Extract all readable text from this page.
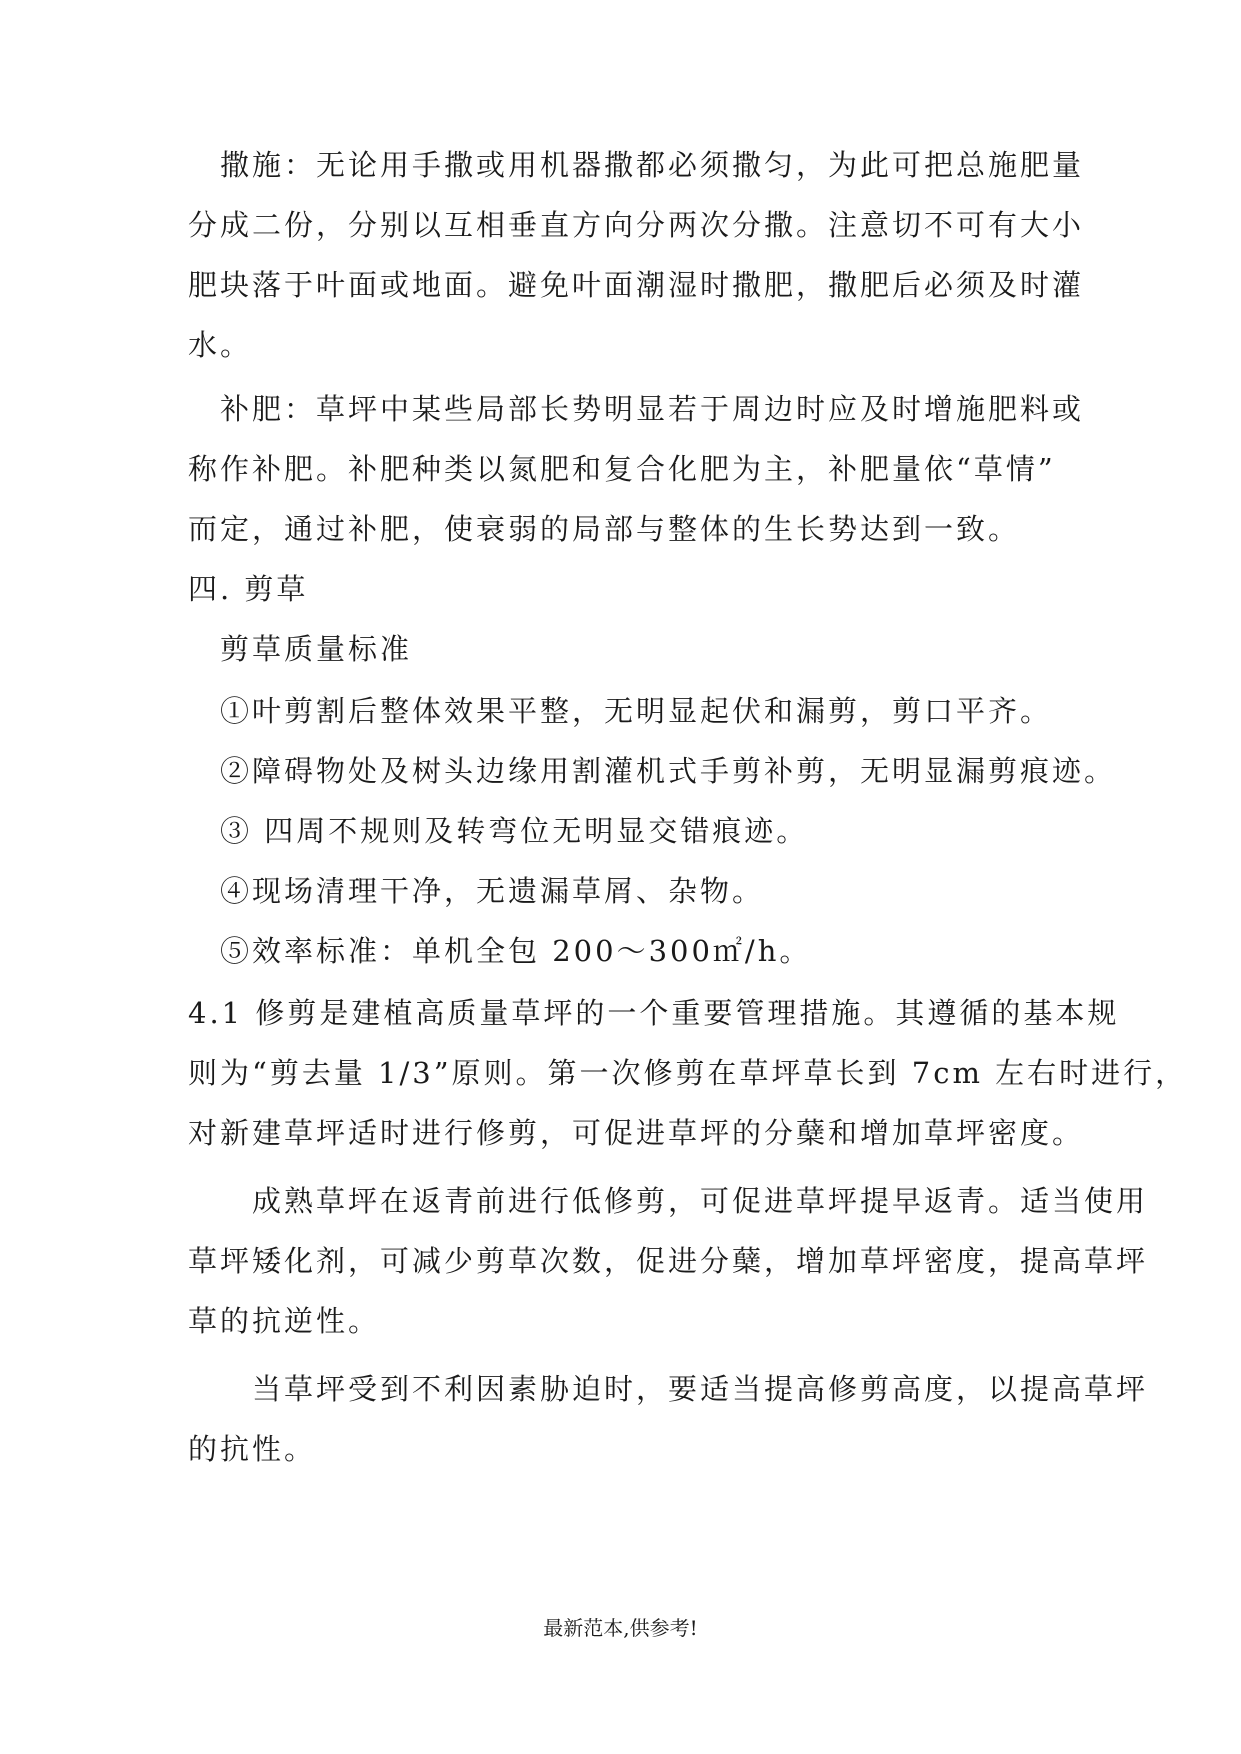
　撒施：无论用手撒或用机器撒都必须撒匀，为此可把总施肥量
分成二份，分别以互相垂直方向分两次分撒。注意切不可有大小
肥块落于叶面或地面。避免叶面潮湿时撒肥，撒肥后必须及时灌
水。
　补肥：草坪中某些局部长势明显若于周边时应及时增施肥料或
称作补肥。补肥种类以氮肥和复合化肥为主，补肥量依“草情”
而定，通过补肥，使衰弱的局部与整体的生长势达到一致。
四. 剪草
　剪草质量标准
　①叶剪割后整体效果平整，无明显起伏和漏剪，剪口平齐。
　②障碍物处及树头边缘用割灌机式手剪补剪，无明显漏剪痕迹。
　③ 四周不规则及转弯位无明显交错痕迹。
　④现场清理干净，无遗漏草屑、杂物。
　⑤效率标准：单机全包 200～300㎡/h。
4.1 修剪是建植高质量草坪的一个重要管理措施。其遵循的基本规
则为“剪去量 1/3”原则。第一次修剪在草坪草长到 7cm 左右时进行，
对新建草坪适时进行修剪，可促进草坪的分蘖和增加草坪密度。
　　成熟草坪在返青前进行低修剪，可促进草坪提早返青。适当使用
草坪矮化剂，可减少剪草次数，促进分蘖，增加草坪密度，提高草坪
草的抗逆性。
　　当草坪受到不利因素胁迫时，要适当提高修剪高度，以提高草坪
的抗性。
最新范本,供参考!
